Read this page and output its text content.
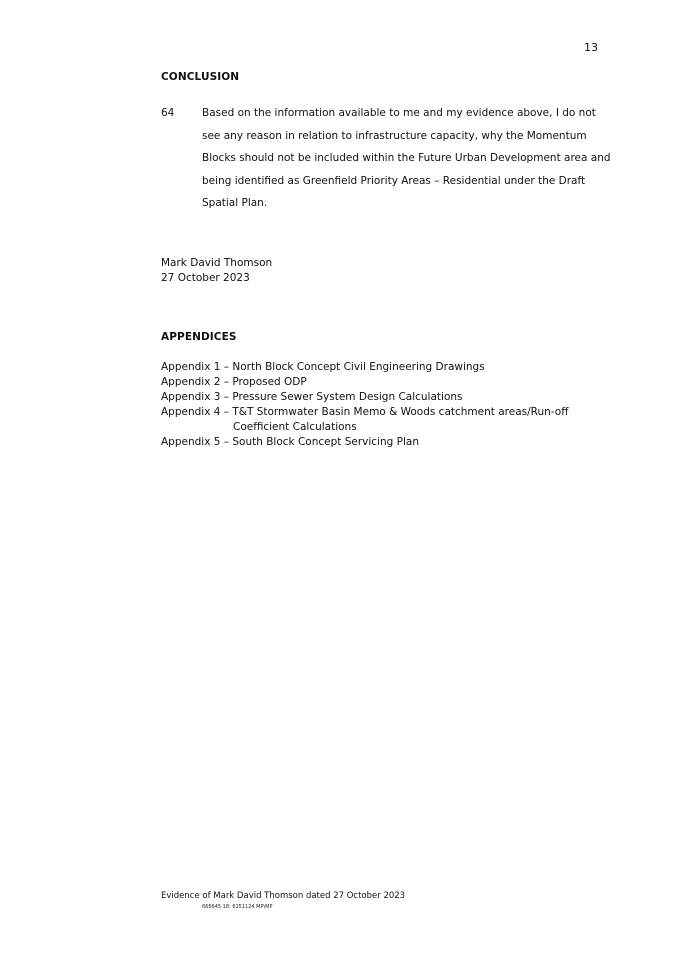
13
CONCLUSION
64	Based on the information available to me and my evidence above, I do not
see any reason in relation to infrastructure capacity, why the Momentum
Blocks should not be included within the Future Urban Development area and
being identified as Greenfield Priority Areas – Residential under the Draft
Spatial Plan.
Mark David Thomson
27 October 2023
APPENDICES
Appendix 1 – North Block Concept Civil Engineering Drawings
Appendix 2 – Proposed ODP
Appendix 3 – Pressure Sewer System Design Calculations
Appendix 4 – T&T Stormwater Basin Memo & Woods catchment areas/Run-off
Coefficient Calculations
Appendix 5 – South Block Concept Servicing Plan
Evidence of Mark David Thomson dated 27 October 2023
665645.18: 6151124 MP\MP
